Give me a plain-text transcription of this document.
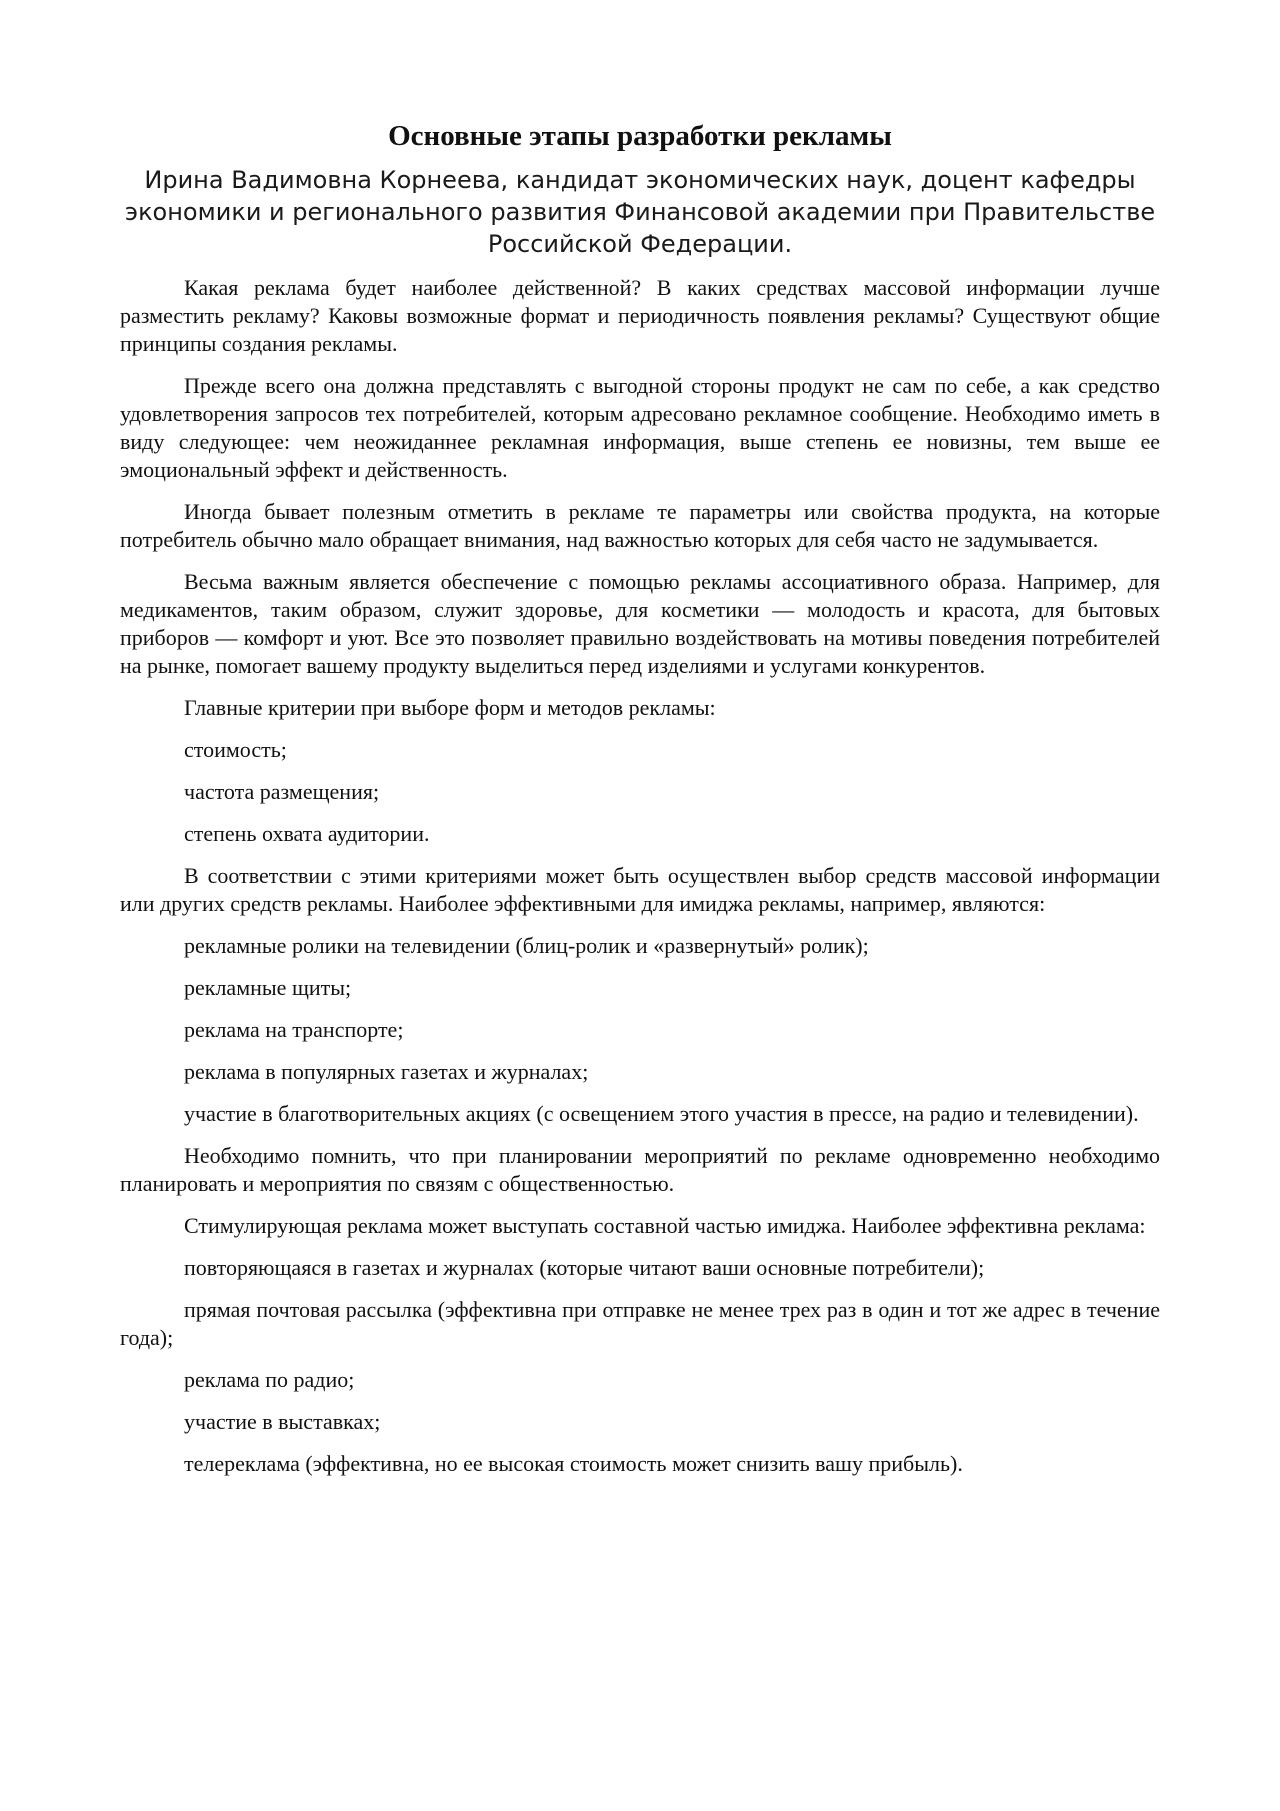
Основные этапы разработки рекламы
Ирина Вадимовна Корнеева, кандидат экономических наук, доцент кафедры экономики и регионального развития Финансовой академии при Правительстве Российской Федерации.

Какая реклама будет наиболее действенной? В каких средствах массовой информации лучше разместить рекламу? Каковы возможные формат и периодичность появления рекламы? Существуют общие принципы создания рекламы.

Прежде всего она должна представлять с выгодной стороны продукт не сам по себе, а как средство удовлетворения запросов тех потребителей, которым адресовано рекламное сообщение. Необходимо иметь в виду следующее: чем неожиданнее рекламная информация, выше степень ее новизны, тем выше ее эмоциональный эффект и действенность.

Иногда бывает полезным отметить в рекламе те параметры или свойства продукта, на которые потребитель обычно мало обращает внимания, над важностью которых для себя часто не задумывается.

Весьма важным является обеспечение с помощью рекламы ассоциативного образа. Например, для медикаментов, таким образом, служит здоровье, для косметики — молодость и красота, для бытовых приборов — комфорт и уют. Все это позволяет правильно воздействовать на мотивы поведения потребителей на рынке, помогает вашему продукту выделиться перед изделиями и услугами конкурентов.

Главные критерии при выборе форм и методов рекламы:

стоимость;

частота размещения;

степень охвата аудитории.

В соответствии с этими критериями может быть осуществлен выбор средств массовой информации или других средств рекламы. Наиболее эффективными для имиджа рекламы, например, являются:

рекламные ролики на телевидении (блиц-ролик и «развернутый» ролик);

рекламные щиты;

реклама на транспорте;

реклама в популярных газетах и журналах;

участие в благотворительных акциях (с освещением этого участия в прессе, на радио и телевидении).

Необходимо помнить, что при планировании мероприятий по рекламе одновременно необходимо планировать и мероприятия по связям с общественностью.

Стимулирующая реклама может выступать составной частью имиджа. Наиболее эффективна реклама:

повторяющаяся в газетах и журналах (которые читают ваши основные потребители);

прямая почтовая рассылка (эффективна при отправке не менее трех раз в один и тот же адрес в течение года);

реклама по радио;

участие в выставках;

телереклама (эффективна, но ее высокая стоимость может снизить вашу прибыль).
